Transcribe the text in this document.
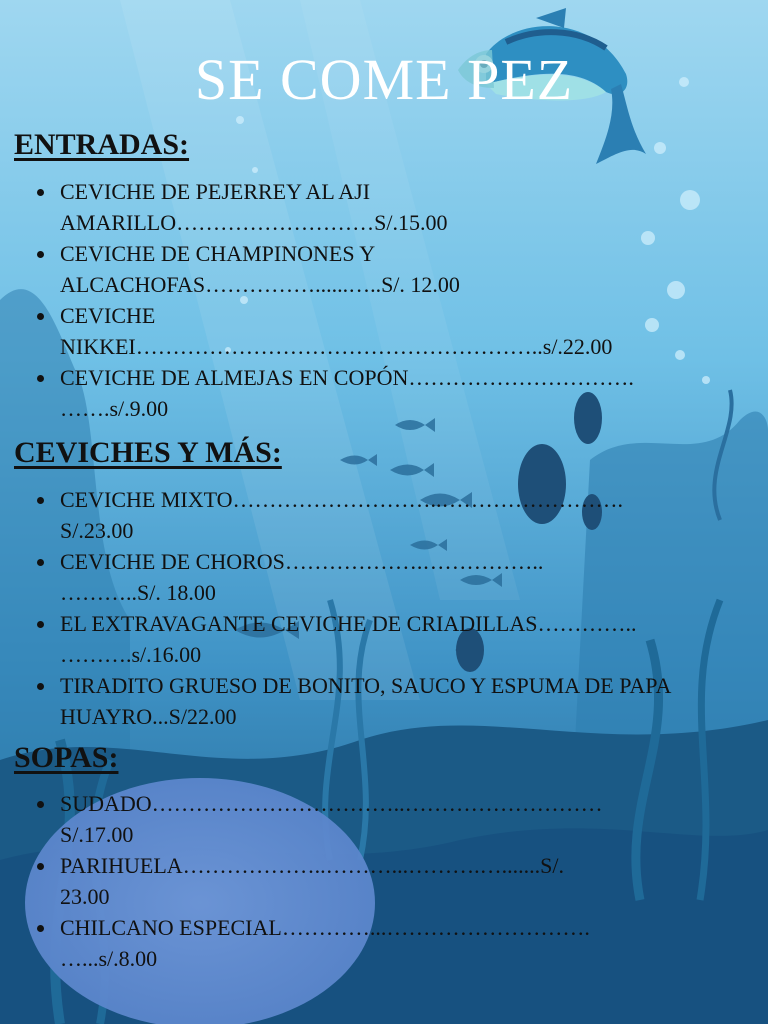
SE COME PEZ
ENTRADAS:
CEVICHE DE PEJERREY AL AJI
AMARILLO………………………S/.15.00
CEVICHE DE CHAMPINONES Y
ALCACHOFAS……………......…..S/. 12.00
CEVICHE
NIKKEI………………………………………………..s/.22.00
CEVICHE DE ALMEJAS EN COPÓN………………………….
…….s/.9.00
CEVICHES Y MÁS:
CEVICHE MIXTO………………………..…………………….
S/.23.00
CEVICHE DE CHOROS……………….……………..
………..S/. 18.00
EL EXTRAVAGANTE CEVICHE DE CRIADILLAS…………..
……….s/.16.00
TIRADITO GRUESO DE BONITO, SAUCO Y ESPUMA DE PAPA
HUAYRO...S/22.00
SOPAS:
SUDADO……………………………..………………………
S/.17.00
PARIHUELA………………..………...……….….......S/.
23.00
CHILCANO ESPECIAL…………...……………………….
…...s/.8.00
